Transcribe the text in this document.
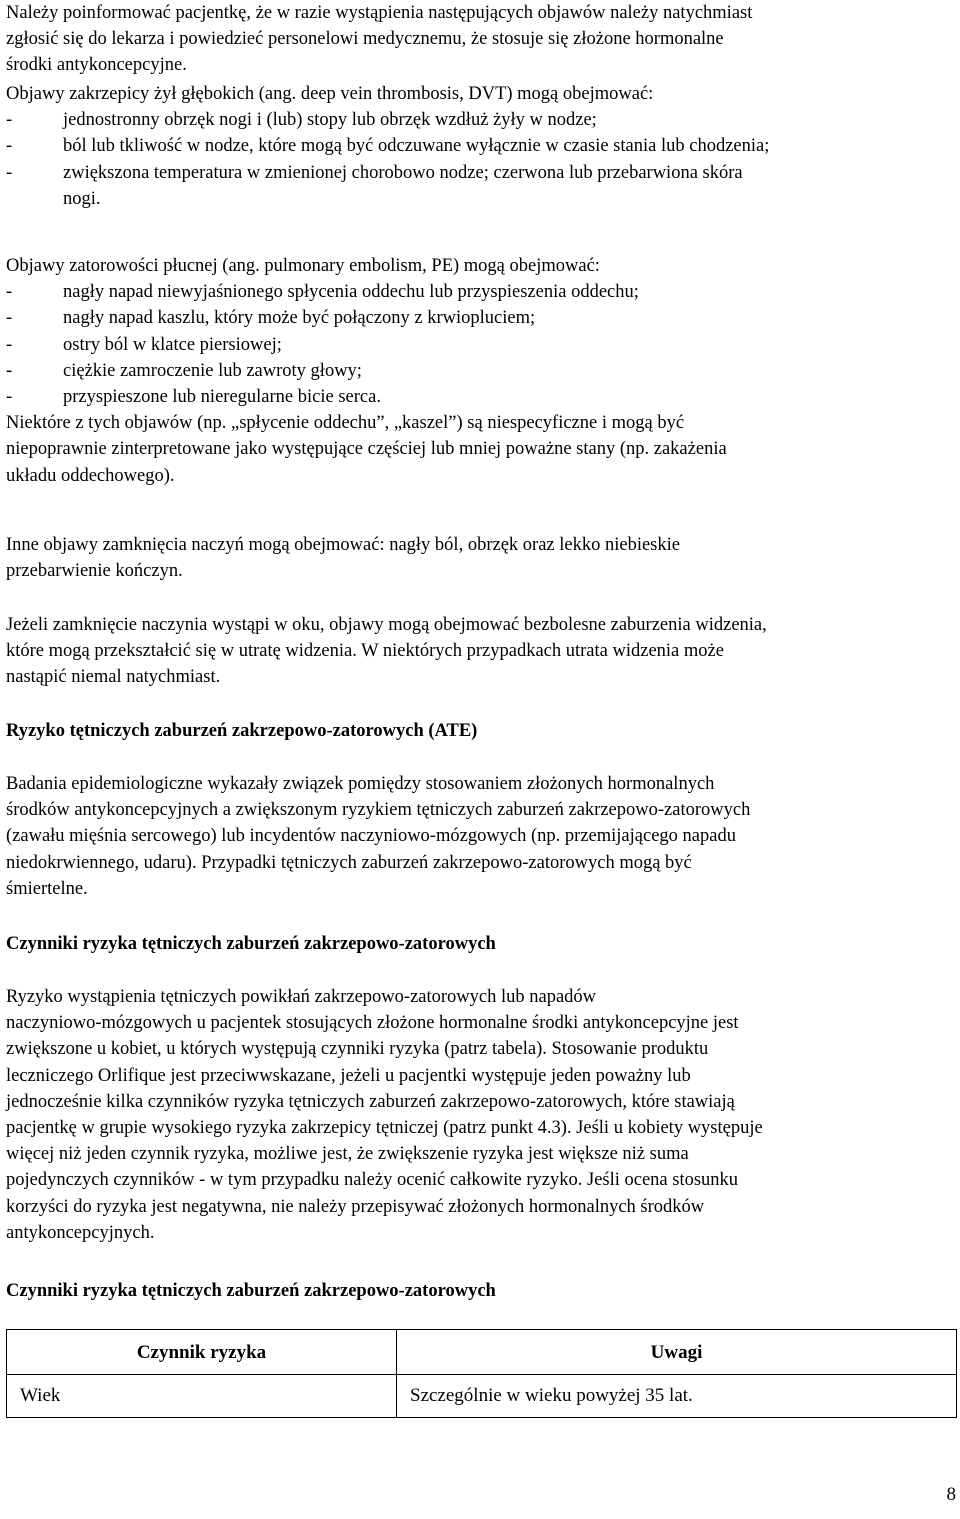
Należy poinformować pacjentkę, że w razie wystąpienia następujących objawów należy natychmiast
zgłosić się do lekarza i powiedzieć personelowi medycznemu, że stosuje się złożone hormonalne
środki antykoncepcyjne.
Objawy zakrzepicy żył głębokich (ang. deep vein thrombosis, DVT) mogą obejmować:
-	jednostronny obrzęk nogi i (lub) stopy lub obrzęk wzdłuż żyły w nodze;
-	ból lub tkliwość w nodze, które mogą być odczuwane wyłącznie w czasie stania lub chodzenia;
-	zwiększona temperatura w zmienionej chorobowo nodze; czerwona lub przebarwiona skóra
nogi.
Objawy zatorowości płucnej (ang. pulmonary embolism, PE) mogą obejmować:
-	nagły napad niewyjaśnionego spłycenia oddechu lub przyspieszenia oddechu;
-	nagły napad kaszlu, który może być połączony z krwiopluciem;
-	ostry ból w klatce piersiowej;
-	ciężkie zamroczenie lub zawroty głowy;
-	przyspieszone lub nieregularne bicie serca.
Niektóre z tych objawów (np. „spłycenie oddechu”, „kaszel”) są niespecyficzne i mogą być
niepoprawnie zinterpretowane jako występujące częściej lub mniej poważne stany (np. zakażenia
układu oddechowego).
Inne objawy zamknięcia naczyń mogą obejmować: nagły ból, obrzęk oraz lekko niebieskie
przebarwienie kończyn.
Jeżeli zamknięcie naczynia wystąpi w oku, objawy mogą obejmować bezbolesne zaburzenia widzenia,
które mogą przekształcić się w utratę widzenia. W niektórych przypadkach utrata widzenia może
nastąpić niemal natychmiast.
Ryzyko tętniczych zaburzeń zakrzepowo-zatorowych (ATE)
Badania epidemiologiczne wykazały związek pomiędzy stosowaniem złożonych hormonalnych
środków antykoncepcyjnych a zwiększonym ryzykiem tętniczych zaburzeń zakrzepowo-zatorowych
(zawału mięśnia sercowego) lub incydentów naczyniowo-mózgowych (np. przemijającego napadu
niedokrwiennego, udaru). Przypadki tętniczych zaburzeń zakrzepowo-zatorowych mogą być
śmiertelne.
Czynniki ryzyka tętniczych zaburzeń zakrzepowo-zatorowych
Ryzyko wystąpienia tętniczych powikłań zakrzepowo-zatorowych lub napadów
naczyniowo-mózgowych u pacjentek stosujących złożone hormonalne środki antykoncepcyjne jest
zwiększone u kobiet, u których występują czynniki ryzyka (patrz tabela). Stosowanie produktu
leczniczego Orlifique jest przeciwwskazane, jeżeli u pacjentki występuje jeden poważny lub
jednocześnie kilka czynników ryzyka tętniczych zaburzeń zakrzepowo-zatorowych, które stawiają
pacjentkę w grupie wysokiego ryzyka zakrzepicy tętniczej (patrz punkt 4.3). Jeśli u kobiety występuje
więcej niż jeden czynnik ryzyka, możliwe jest, że zwiększenie ryzyka jest większe niż suma
pojedynczych czynników - w tym przypadku należy ocenić całkowite ryzyko. Jeśli ocena stosunku
korzyści do ryzyka jest negatywna, nie należy przepisywać złożonych hormonalnych środków
antykoncepcyjnych.
Czynniki ryzyka tętniczych zaburzeń zakrzepowo-zatorowych
Czynnik ryzyka	Uwagi
Wiek	Szczególnie w wieku powyżej 35 lat.
8
